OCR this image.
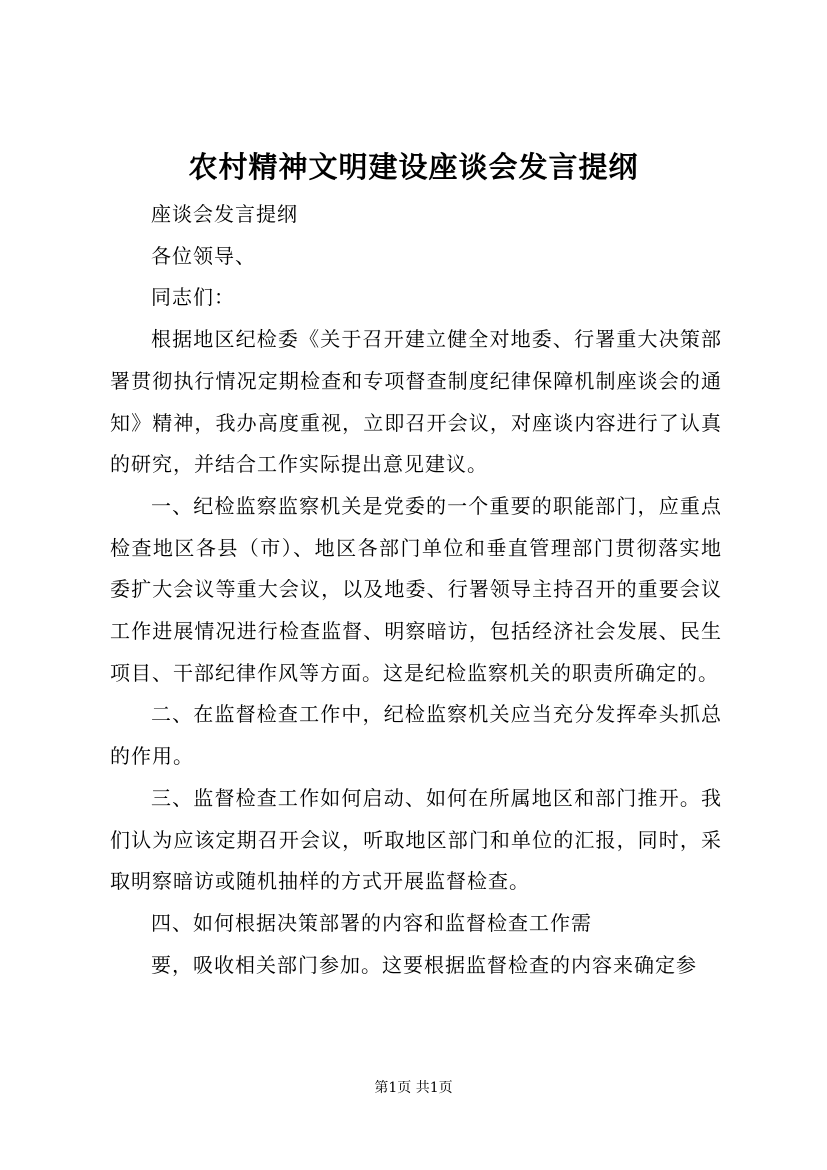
农村精神文明建设座谈会发言提纲

座谈会发言提纲

各位领导、

同志们：

根据地区纪检委《关于召开建立健全对地委、行署重大决策部署贯彻执行情况定期检查和专项督查制度纪律保障机制座谈会的通知》精神，我办高度重视，立即召开会议，对座谈内容进行了认真的研究，并结合工作实际提出意见建议。

一、纪检监察监察机关是党委的一个重要的职能部门，应重点检查地区各县（市）、地区各部门单位和垂直管理部门贯彻落实地委扩大会议等重大会议，以及地委、行署领导主持召开的重要会议工作进展情况进行检查监督、明察暗访，包括经济社会发展、民生项目、干部纪律作风等方面。这是纪检监察机关的职责所确定的。

二、在监督检查工作中，纪检监察机关应当充分发挥牵头抓总的作用。

三、监督检查工作如何启动、如何在所属地区和部门推开。我们认为应该定期召开会议，听取地区部门和单位的汇报，同时，采取明察暗访或随机抽样的方式开展监督检查。

四、如何根据决策部署的内容和监督检查工作需

要，吸收相关部门参加。这要根据监督检查的内容来确定参

第1页 共1页
